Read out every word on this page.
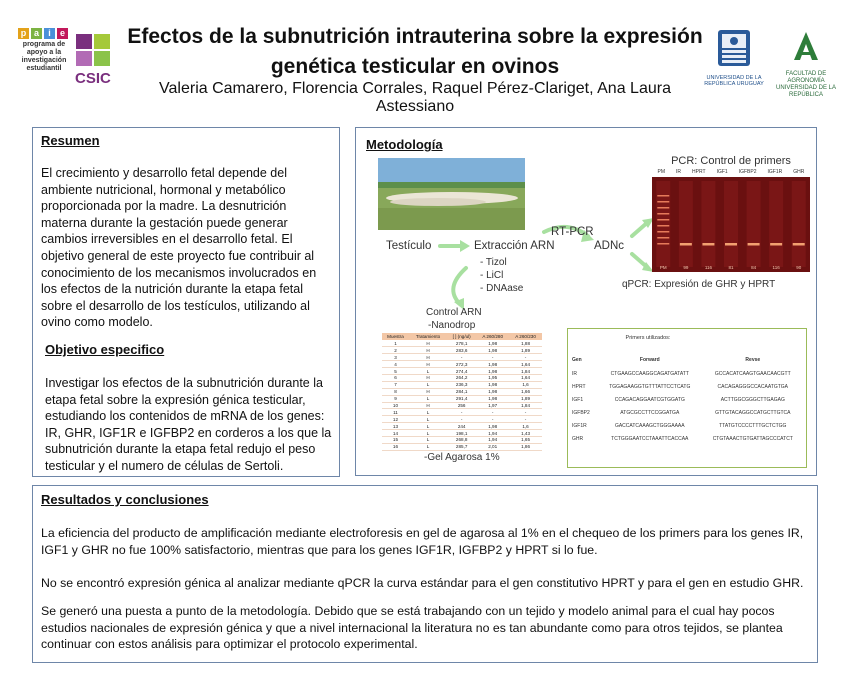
p a	i	e
programa de apoyo a la investigación estudiantil
CSIC
Efectos de la subnutrición intrauterina sobre la expresión
genética testicular en ovinos
Valeria Camarero, Florencia Corrales, Raquel Pérez-Clariget, Ana Laura Astessiano
UNIVERSIDAD DE LA REPÚBLICA URUGUAY
FACULTAD DE AGRONOMÍA UNIVERSIDAD DE LA REPÚBLICA
Resumen
El crecimiento y desarrollo fetal depende del ambiente nutricional, hormonal y metabólico proporcionada por la madre. La desnutrición materna durante la gestación puede generar cambios irreversibles en el desarrollo fetal. El objetivo general de este proyecto fue contribuir al conocimiento de los mecanismos involucrados en los efectos de la nutrición durante la etapa fetal sobre el desarrollo de los testículos, utilizando al ovino como modelo.
Objetivo especifico
Investigar los efectos de la subnutrición durante la etapa fetal sobre la expresión génica testicular, estudiando los contenidos de mRNA de los genes: IR, GHR, IGF1R e IGFBP2 en corderos a los que la subnutrición durante la etapa fetal redujo el peso testicular y el numero de células de Sertoli.
Metodología
Testículo	Extracción ARN
- Tizol
- LiCl
- DNAase
RT-PCR
ADNc
Control ARN
-Nanodrop
qPCR: Expresión de GHR y HPRT
PCR: Control de primers
PM IR HPRT IGF1 IGFBP2 IGF1R GHR
PM	99	116	81	84	116	90
Muestra	Tratamiento	[ ] (ng/ul)	A 260/280	A 260/230
1	H	278,1	1,98	1,88
2	H	283,6	1,98	1,89
3	H	-	-	-
4	H	272,3	1,98	1,64
5	L	274,4	1,98	1,84
6	H	264,2	1,95	1,64
7	L	236,3	1,98	1,6
8	H	284,1	1,98	1,66
9	L	291,4	1,98	1,89
10	H	256	1,97	1,84
11	L	-	-	-
12	L	-	-	-
13	L	244	1,98	1,6
14	L	198,1	1,94	1,43
15	L	268,8	1,94	1,65
16	L	285,7	2,01	1,86
-Gel Agarosa 1%
Primers utilizados:
Gen	Forward	Revse
IR	CTGAAGCCAAGGCAGATGATATT	GCCACATCAAGTGAACAACGTT
HPRT	TGGAGAAGGTGTTTATTCCTCATG	CACAGAGGGCCACAATGTGA
IGF1	CCAGACAGGAATCGTGGATG	ACTTGGCGGGCTTGAGAG
IGFBP2	ATGCGCCTTCCGGATGA	GTTGTACAGGCCATGCTTGTCA
IGF1R	GACCATCAAAGCTGGGAAAA	TTATGTCCCCTTTGCTCTGG
GHR	TCTGGGAATCCTAAATTCACCAA	CTGTAAACTGTGATTAGCCCATCT
Resultados y conclusiones
La eficiencia del producto de amplificación mediante electroforesis en gel de agarosa al 1% en el chequeo de los primers para los genes IR, IGF1 y GHR no fue 100% satisfactorio, mientras que para los genes IGF1R, IGFBP2 y HPRT si lo fue.
No se encontró expresión génica al analizar mediante qPCR la curva estándar para el gen constitutivo HPRT y para el gen en estudio GHR.
Se generó una puesta a punto de la metodología. Debido que se está trabajando con un tejido y modelo animal para el cual hay pocos estudios nacionales de expresión génica y que a nivel internacional la literatura no es tan abundante como para otros tejidos, se plantea continuar con estos análisis para optimizar el protocolo experimental.
